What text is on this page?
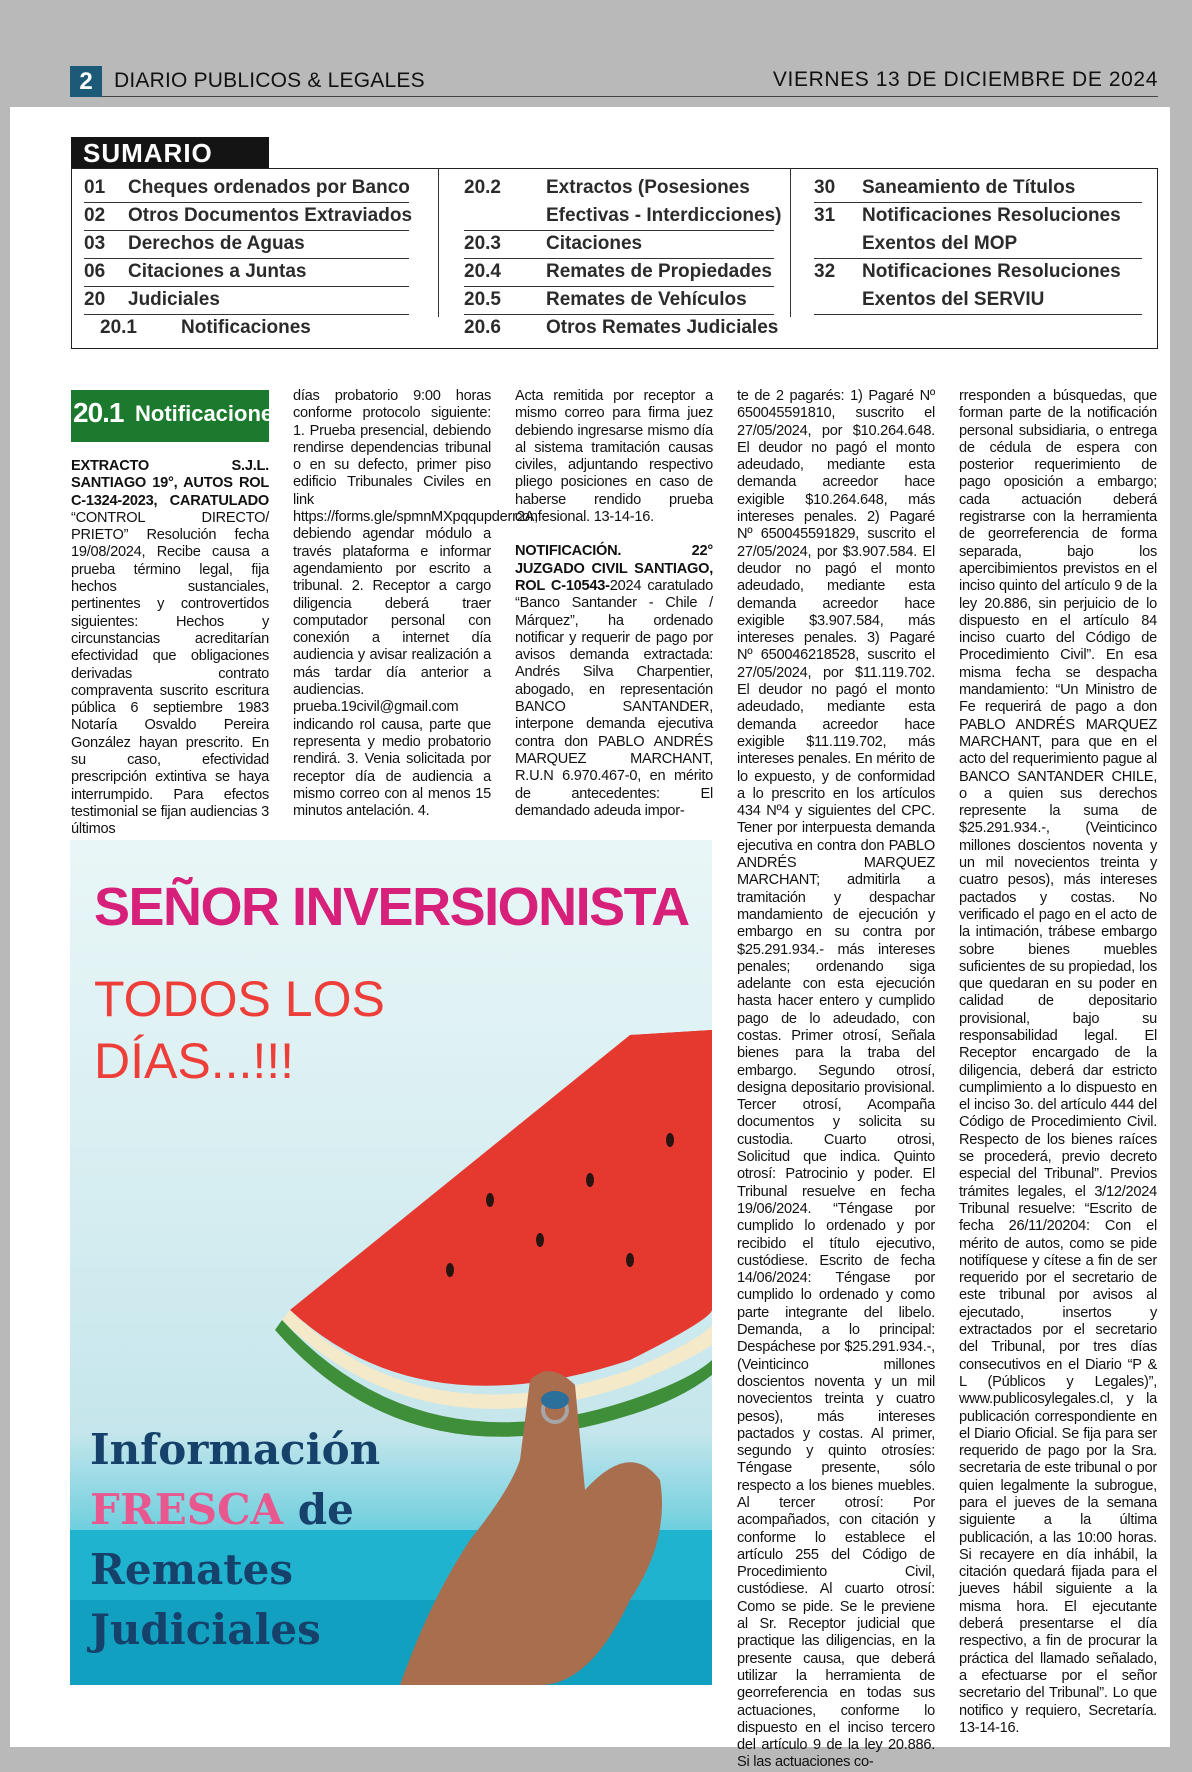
2	DIARIO PUBLICOS & LEGALES	VIERNES 13 DE DICIEMBRE DE 2024
SUMARIO
01 Cheques ordenados por Banco
02 Otros Documentos Extraviados
03 Derechos de Aguas
06 Citaciones a Juntas
20 Judiciales
20.1 Notificaciones
20.2 Extractos (Posesiones
Efectivas - Interdicciones)
20.3 Citaciones
20.4 Remates de Propiedades
20.5 Remates de Vehículos
20.6 Otros Remates Judiciales
30 Saneamiento de Títulos
31 Notificaciones Resoluciones
Exentos del MOP
32 Notificaciones Resoluciones
Exentos del SERVIU
20.1 Notificaciones
EXTRACTO S.J.L. SANTIAGO 19°, AUTOS ROL C-1324-2023, CARATULADO “CONTROL DIRECTO/ PRIETO” Resolución fecha 19/08/2024, Recibe causa a prueba término legal, fija hechos sustanciales, pertinentes y controvertidos siguientes: Hechos y circunstancias acreditarían efectividad que obligaciones derivadas contrato compraventa suscrito escritura pública 6 septiembre 1983 Notaría Osvaldo Pereira González hayan prescrito. En su caso, efectividad prescripción extintiva se haya interrumpido. Para efectos testimonial se fijan audiencias 3 últimos
días probatorio 9:00 horas conforme protocolo siguiente: 1. Prueba presencial, debiendo rendirse dependencias tribunal o en su defecto, primer piso edificio Tribunales Civiles en link https://forms.gle/spmnMXpqqupderr2A, debiendo agendar módulo a través plataforma e informar agendamiento por escrito a tribunal. 2. Receptor a cargo diligencia deberá traer computador personal con conexión a internet día audiencia y avisar realización a más tardar día anterior a audiencias. prueba.19civil@gmail.com indicando rol causa, parte que representa y medio probatorio rendirá. 3. Venia solicitada por receptor día de audiencia a mismo correo con al menos 15 minutos antelación. 4.
Acta remitida por receptor a mismo correo para firma juez debiendo ingresarse mismo día al sistema tramitación causas civiles, adjuntando respectivo pliego posiciones en caso de haberse rendido prueba confesional. 13-14-16.
NOTIFICACIÓN. 22° JUZGADO CIVIL SANTIAGO, ROL C-10543-2024 caratulado “Banco Santander - Chile / Márquez”, ha ordenado notificar y requerir de pago por avisos demanda extractada: Andrés Silva Charpentier, abogado, en representación BANCO SANTANDER, interpone demanda ejecutiva contra don PABLO ANDRÉS MARQUEZ MARCHANT, R.U.N 6.970.467-0, en mérito de antecedentes: El demandado adeuda impor-
te de 2 pagarés: 1) Pagaré Nº 650045591810, suscrito el 27/05/2024, por $10.264.648. El deudor no pagó el monto adeudado, mediante esta demanda acreedor hace exigible $10.264.648, más intereses penales. 2) Pagaré Nº 650045591829, suscrito el 27/05/2024, por $3.907.584. El deudor no pagó el monto adeudado, mediante esta demanda acreedor hace exigible $3.907.584, más intereses penales. 3) Pagaré Nº 650046218528, suscrito el 27/05/2024, por $11.119.702. El deudor no pagó el monto adeudado, mediante esta demanda acreedor hace exigible $11.119.702, más intereses penales. En mérito de lo expuesto, y de conformidad a lo prescrito en los artículos 434 Nº4 y siguientes del CPC. Tener por interpuesta demanda ejecutiva en contra don PABLO ANDRÉS MARQUEZ MARCHANT; admitirla a tramitación y despachar mandamiento de ejecución y embargo en su contra por $25.291.934.- más intereses penales; ordenando siga adelante con esta ejecución hasta hacer entero y cumplido pago de lo adeudado, con costas. Primer otrosí, Señala bienes para la traba del embargo. Segundo otrosí, designa depositario provisional. Tercer otrosí, Acompaña documentos y solicita su custodia. Cuarto otrosi, Solicitud que indica. Quinto otrosí: Patrocinio y poder. El Tribunal resuelve en fecha 19/06/2024. “Téngase por cumplido lo ordenado y por recibido el título ejecutivo, custódiese. Escrito de fecha 14/06/2024: Téngase por cumplido lo ordenado y como parte integrante del libelo. Demanda, a lo principal: Despáchese por $25.291.934.-, (Veinticinco millones doscientos noventa y un mil novecientos treinta y cuatro pesos), más intereses pactados y costas. Al primer, segundo y quinto otrosíes: Téngase presente, sólo respecto a los bienes muebles. Al tercer otrosí: Por acompañados, con citación y conforme lo establece el artículo 255 del Código de Procedimiento Civil, custódiese. Al cuarto otrosí: Como se pide. Se le previene al Sr. Receptor judicial que practique las diligencias, en la presente causa, que deberá utilizar la herramienta de georreferencia en todas sus actuaciones, conforme lo dispuesto en el inciso tercero del artículo 9 de la ley 20.886. Si las actuaciones co-
rresponden a búsquedas, que forman parte de la notificación personal subsidiaria, o entrega de cédula de espera con posterior requerimiento de pago oposición a embargo; cada actuación deberá registrarse con la herramienta de georreferencia de forma separada, bajo los apercibimientos previstos en el inciso quinto del artículo 9 de la ley 20.886, sin perjuicio de lo dispuesto en el artículo 84 inciso cuarto del Código de Procedimiento Civil”. En esa misma fecha se despacha mandamiento: “Un Ministro de Fe requerirá de pago a don PABLO ANDRÉS MARQUEZ MARCHANT, para que en el acto del requerimiento pague al BANCO SANTANDER CHILE, o a quien sus derechos represente la suma de $25.291.934.-, (Veinticinco millones doscientos noventa y un mil novecientos treinta y cuatro pesos), más intereses pactados y costas. No verificado el pago en el acto de la intimación, trábese embargo sobre bienes muebles suficientes de su propiedad, los que quedaran en su poder en calidad de depositario provisional, bajo su responsabilidad legal. El Receptor encargado de la diligencia, deberá dar estricto cumplimiento a lo dispuesto en el inciso 3o. del artículo 444 del Código de Procedimiento Civil. Respecto de los bienes raíces se procederá, previo decreto especial del Tribunal”. Previos trámites legales, el 3/12/2024 Tribunal resuelve: “Escrito de fecha 26/11/20204: Con el mérito de autos, como se pide notifíquese y cítese a fin de ser requerido por el secretario de este tribunal por avisos al ejecutado, insertos y extractados por el secretario del Tribunal, por tres días consecutivos en el Diario “P & L (Públicos y Legales)”, www.publicosylegales.cl, y la publicación correspondiente en el Diario Oficial. Se fija para ser requerido de pago por la Sra. secretaria de este tribunal o por quien legalmente la subrogue, para el jueves de la semana siguiente a la última publicación, a las 10:00 horas. Si recayere en día inhábil, la citación quedará fijada para el jueves hábil siguiente a la misma hora. El ejecutante deberá presentarse el día respectivo, a fin de procurar la práctica del llamado señalado, a efectuarse por el señor secretario del Tribunal”. Lo que notifico y requiero, Secretaría. 13-14-16.
SEÑOR INVERSIONISTA
TODOS LOS
DÍAS...!!!
Información
FRESCA de
Remates
Judiciales
